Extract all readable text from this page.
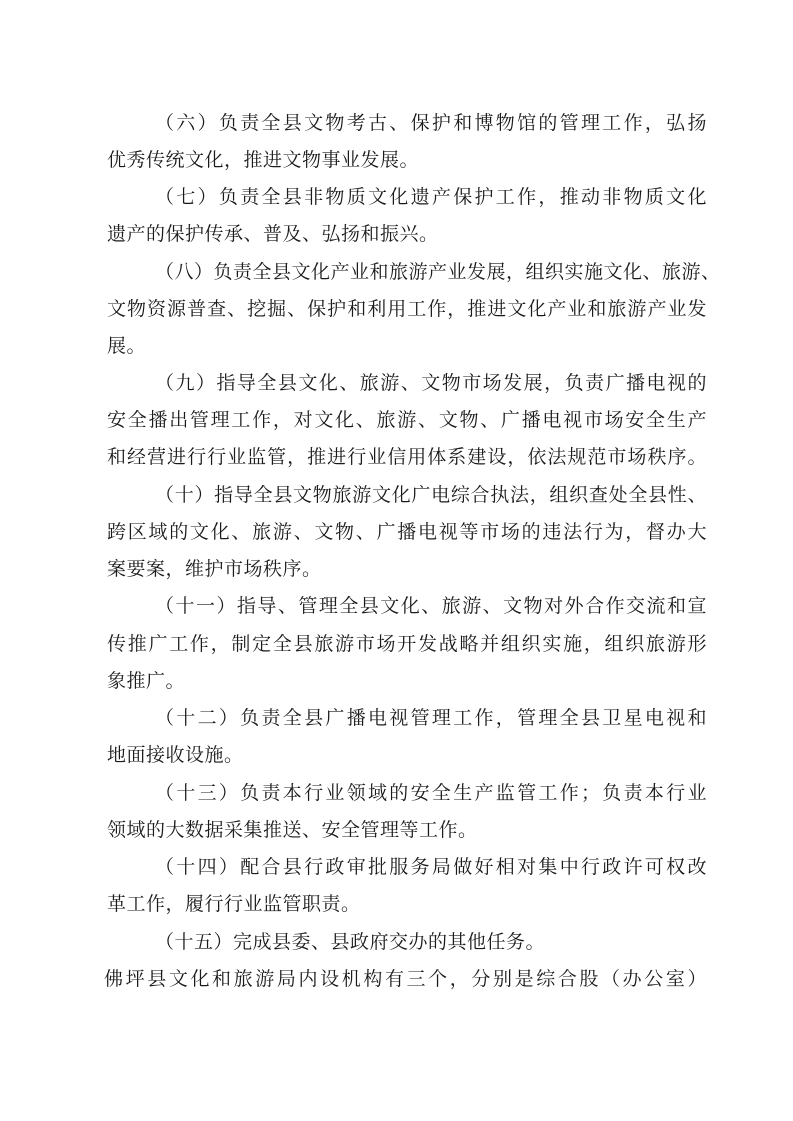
（六）负责全县文物考古、保护和博物馆的管理工作，弘扬
优秀传统文化，推进文物事业发展。
（七）负责全县非物质文化遗产保护工作，推动非物质文化
遗产的保护传承、普及、弘扬和振兴。
（八）负责全县文化产业和旅游产业发展，组织实施文化、旅游、
文物资源普查、挖掘、保护和利用工作，推进文化产业和旅游产业发
展。
（九）指导全县文化、旅游、文物市场发展，负责广播电视的
安全播出管理工作，对文化、旅游、文物、广播电视市场安全生产
和经营进行行业监管，推进行业信用体系建设，依法规范市场秩序。
（十）指导全县文物旅游文化广电综合执法，组织查处全县性、
跨区域的文化、旅游、文物、广播电视等市场的违法行为，督办大
案要案，维护市场秩序。
（十一）指导、管理全县文化、旅游、文物对外合作交流和宣
传推广工作，制定全县旅游市场开发战略并组织实施，组织旅游形
象推广。
（十二）负责全县广播电视管理工作，管理全县卫星电视和
地面接收设施。
（十三）负责本行业领域的安全生产监管工作；负责本行业
领域的大数据采集推送、安全管理等工作。
（十四）配合县行政审批服务局做好相对集中行政许可权改
革工作，履行行业监管职责。
（十五）完成县委、县政府交办的其他任务。
佛坪县文化和旅游局内设机构有三个，分别是综合股（办公室）
